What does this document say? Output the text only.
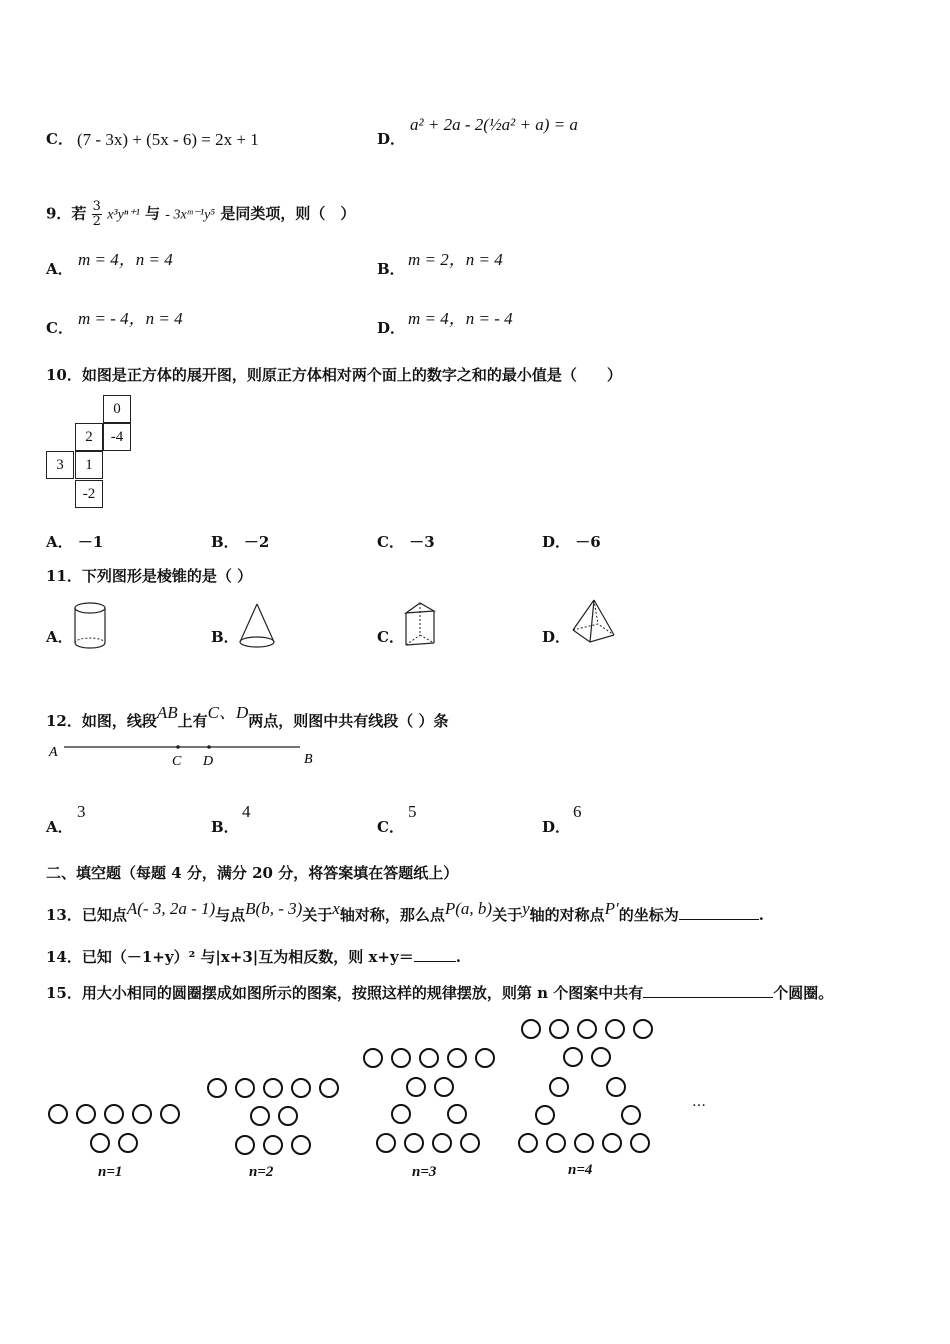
C． (7 - 3x) + (5x - 6) = 2x + 1	D．
a² + 2a - 2(½a² + a) = a
9．若 $\frac{3}{2} x^3y^{n+1}$ 与 - 3xᵐ⁻¹y⁵ 是同类项，则（　）
A． m = 4，n = 4	B． m = 2，n = 4
C． m = - 4，n = 4	D． m = 4，n = - 4
10．如图是正方体的展开图，则原正方体相对两个面上的数字之和的最小值是（　　）
0
2	-4
3	1
-2
A． －1	B． －2	C． －3	D． －6
11．下列图形是棱锥的是（ ）
A．	B．	C．	D．
12．如图，线段AB上有C、D两点，则图中共有线段（ ）条
A
C D	B
A．
3
B．
4
C．
5
D．
6
二、填空题（每题 4 分，满分 20 分，将答案填在答题纸上）
13．已知点A(- 3, 2a - 1)与点B(b, - 3)关于x轴对称，那么点P(a, b)关于y轴的对称点P′的坐标为	.
14．已知（－1+y）² 与|x+3|互为相反数，则 x+y＝	.
15．用大小相同的圆圈摆成如图所示的图案，按照这样的规律摆放，则第 n 个图案中共有	个圆圈。
n=1	n=2	n=3	n=4
…
